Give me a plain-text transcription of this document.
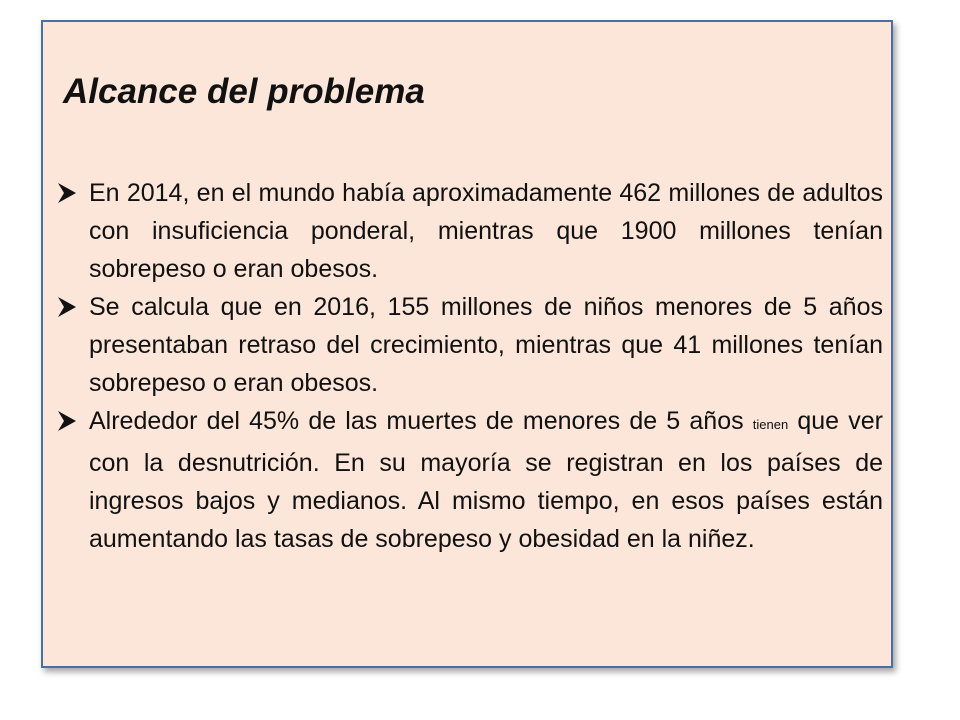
Alcance del problema
En 2014, en el mundo había aproximadamente 462 millones de adultos con insuficiencia ponderal, mientras que 1900 millones tenían sobrepeso o eran obesos.
Se calcula que en 2016, 155 millones de niños menores de 5 años presentaban retraso del crecimiento, mientras que 41 millones tenían sobrepeso o eran obesos.
Alrededor del 45% de las muertes de menores de 5 años tienen que ver con la desnutrición. En su mayoría se registran en los países de ingresos bajos y medianos. Al mismo tiempo, en esos países están aumentando las tasas de sobrepeso y obesidad en la niñez.
